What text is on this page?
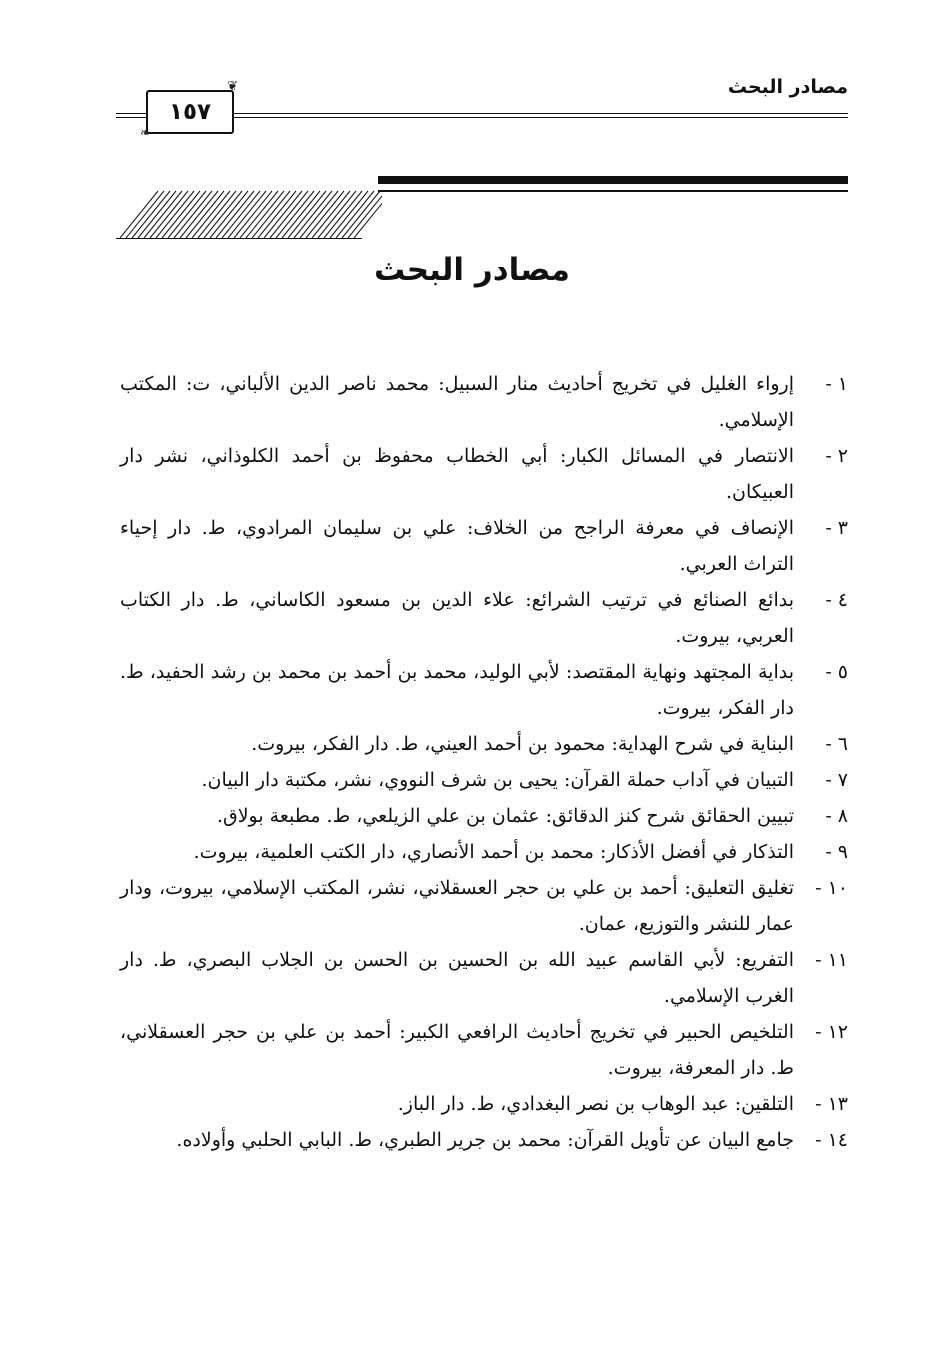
مصادر البحث
❦
١٥٧
❧
مصادر البحث
١ -
إرواء الغليل في تخريج أحاديث منار السبيل: محمد ناصر الدين الألباني، ت: المكتب الإسلامي.
٢ -
الانتصار في المسائل الكبار: أبي الخطاب محفوظ بن أحمد الكلوذاني، نشر دار العبيكان.
٣ -
الإنصاف في معرفة الراجح من الخلاف: علي بن سليمان المرادوي، ط. دار إحياء التراث العربي.
٤ -
بدائع الصنائع في ترتيب الشرائع: علاء الدين بن مسعود الكاساني، ط. دار الكتاب العربي، بيروت.
٥ -
بداية المجتهد ونهاية المقتصد: لأبي الوليد، محمد بن أحمد بن محمد بن رشد الحفيد، ط. دار الفكر، بيروت.
٦ -
البناية في شرح الهداية: محمود بن أحمد العيني، ط. دار الفكر، بيروت.
٧ -
التبيان في آداب حملة القرآن: يحيى بن شرف النووي، نشر، مكتبة دار البيان.
٨ -
تبيين الحقائق شرح كنز الدقائق: عثمان بن علي الزيلعي، ط. مطبعة بولاق.
٩ -
التذكار في أفضل الأذكار: محمد بن أحمد الأنصاري، دار الكتب العلمية، بيروت.
١٠ -
تغليق التعليق: أحمد بن علي بن حجر العسقلاني، نشر، المكتب الإسلامي، بيروت، ودار عمار للنشر والتوزيع، عمان.
١١ -
التفريع: لأبي القاسم عبيد الله بن الحسين بن الحسن بن الجلاب البصري، ط. دار الغرب الإسلامي.
١٢ -
التلخيص الحبير في تخريج أحاديث الرافعي الكبير: أحمد بن علي بن حجر العسقلاني، ط. دار المعرفة، بيروت.
١٣ -
التلقين: عبد الوهاب بن نصر البغدادي، ط. دار الباز.
١٤ -
جامع البيان عن تأويل القرآن: محمد بن جرير الطبري، ط. البابي الحلبي وأولاده.
